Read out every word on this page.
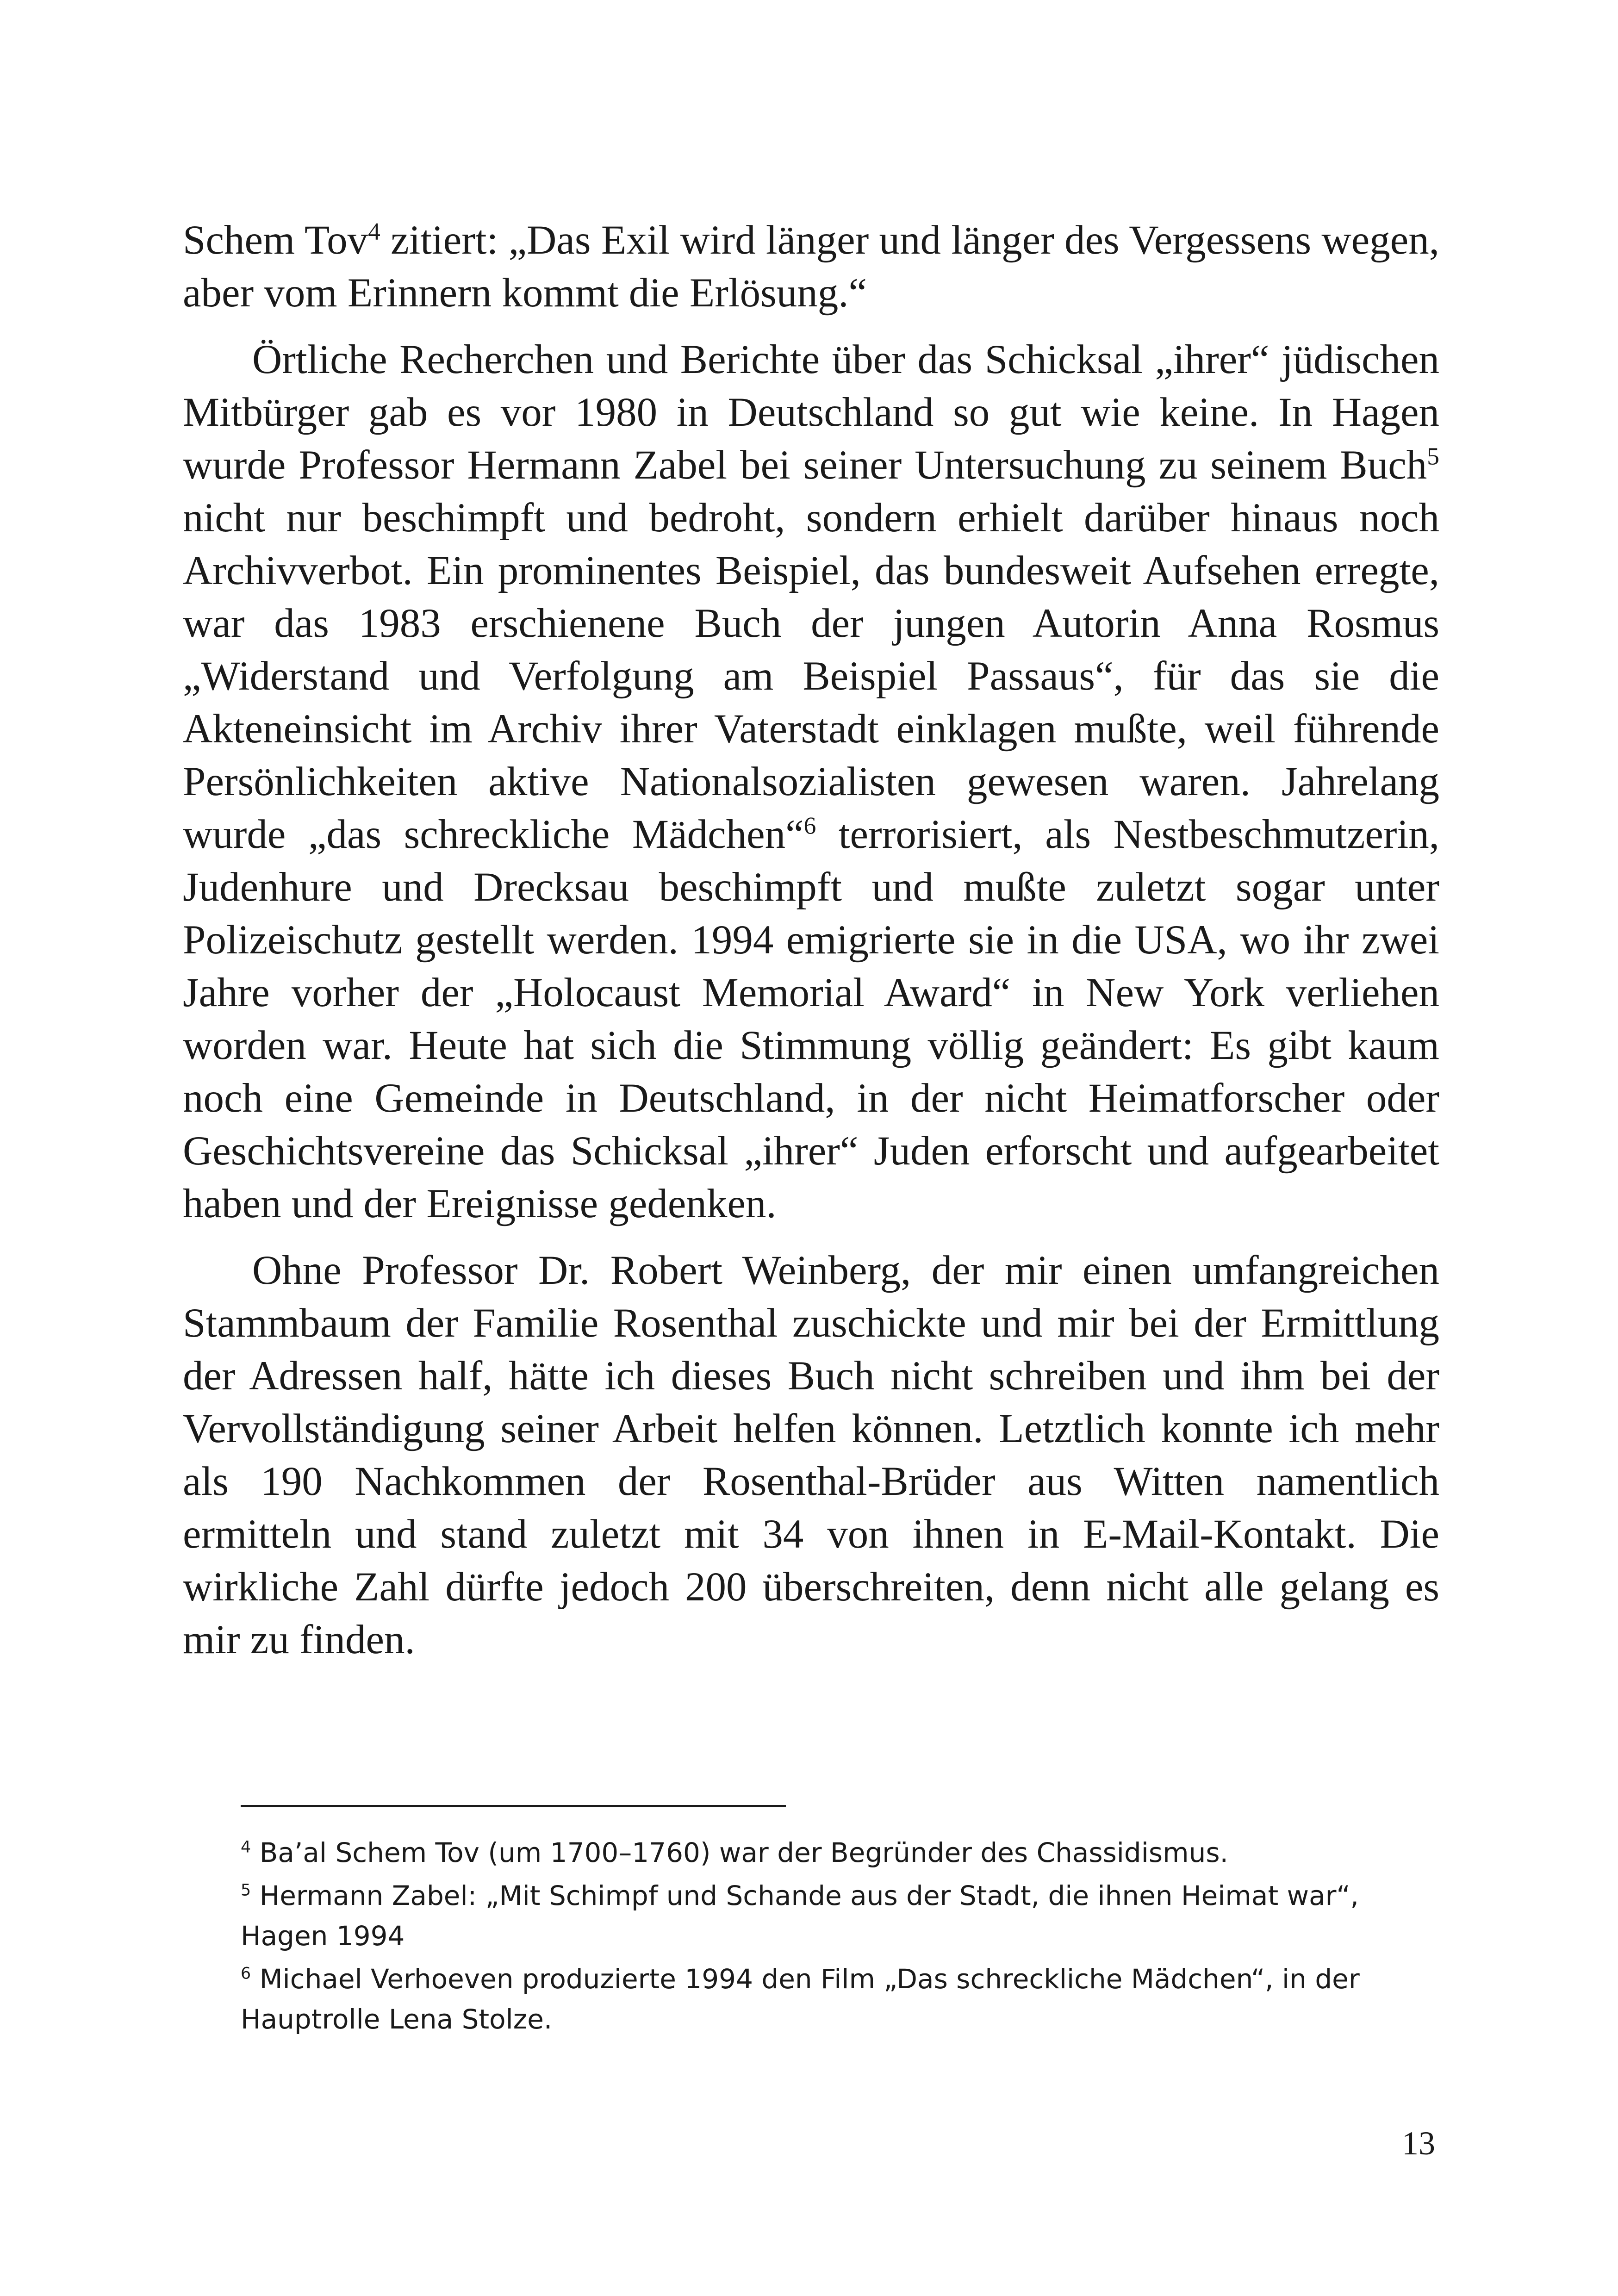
Schem Tov$^4$ zitiert: „Das Exil wird länger und länger des Vergessens wegen, aber vom Erinnern kommt die Erlösung.“

Örtliche Recherchen und Berichte über das Schicksal „ihrer“ jüdischen Mitbürger gab es vor 1980 in Deutschland so gut wie keine. In Hagen wurde Professor Hermann Zabel bei seiner Untersuchung zu seinem Buch$^5$ nicht nur beschimpft und bedroht, sondern erhielt darüber hinaus noch Archivverbot. Ein prominentes Beispiel, das bundesweit Aufsehen erregte, war das 1983 erschienene Buch der jungen Autorin Anna Rosmus „Widerstand und Verfolgung am Beispiel Passaus“, für das sie die Akteneinsicht im Archiv ihrer Vaterstadt einklagen mußte, weil führende Persönlichkeiten aktive Nationalsozialisten gewesen waren. Jahrelang wurde „das schreckliche Mädchen“$^6$ terrorisiert, als Nestbeschmutzerin, Judenhure und Drecksau beschimpft und mußte zuletzt sogar unter Polizeischutz gestellt werden. 1994 emigrierte sie in die USA, wo ihr zwei Jahre vorher der „Holocaust Memorial Award“ in New York verliehen worden war. Heute hat sich die Stimmung völlig geändert: Es gibt kaum noch eine Gemeinde in Deutschland, in der nicht Heimatforscher oder Geschichtsvereine das Schicksal „ihrer“ Juden erforscht und aufgearbeitet haben und der Ereignisse gedenken.

Ohne Professor Dr. Robert Weinberg, der mir einen umfangreichen Stammbaum der Familie Rosenthal zuschickte und mir bei der Ermittlung der Adressen half, hätte ich dieses Buch nicht schreiben und ihm bei der Vervollständigung seiner Arbeit helfen können. Letztlich konnte ich mehr als 190 Nachkommen der Rosenthal-Brüder aus Witten namentlich ermitteln und stand zuletzt mit 34 von ihnen in E-Mail-Kontakt. Die wirkliche Zahl dürfte jedoch 200 überschreiten, denn nicht alle gelang es mir zu finden.

$^4$ Ba’al Schem Tov (um 1700–1760) war der Begründer des Chassidismus.

$^5$ Hermann Zabel: „Mit Schimpf und Schande aus der Stadt, die ihnen Heimat war“, Hagen 1994

$^6$ Michael Verhoeven produzierte 1994 den Film „Das schreckliche Mädchen“, in der Hauptrolle Lena Stolze.

13
